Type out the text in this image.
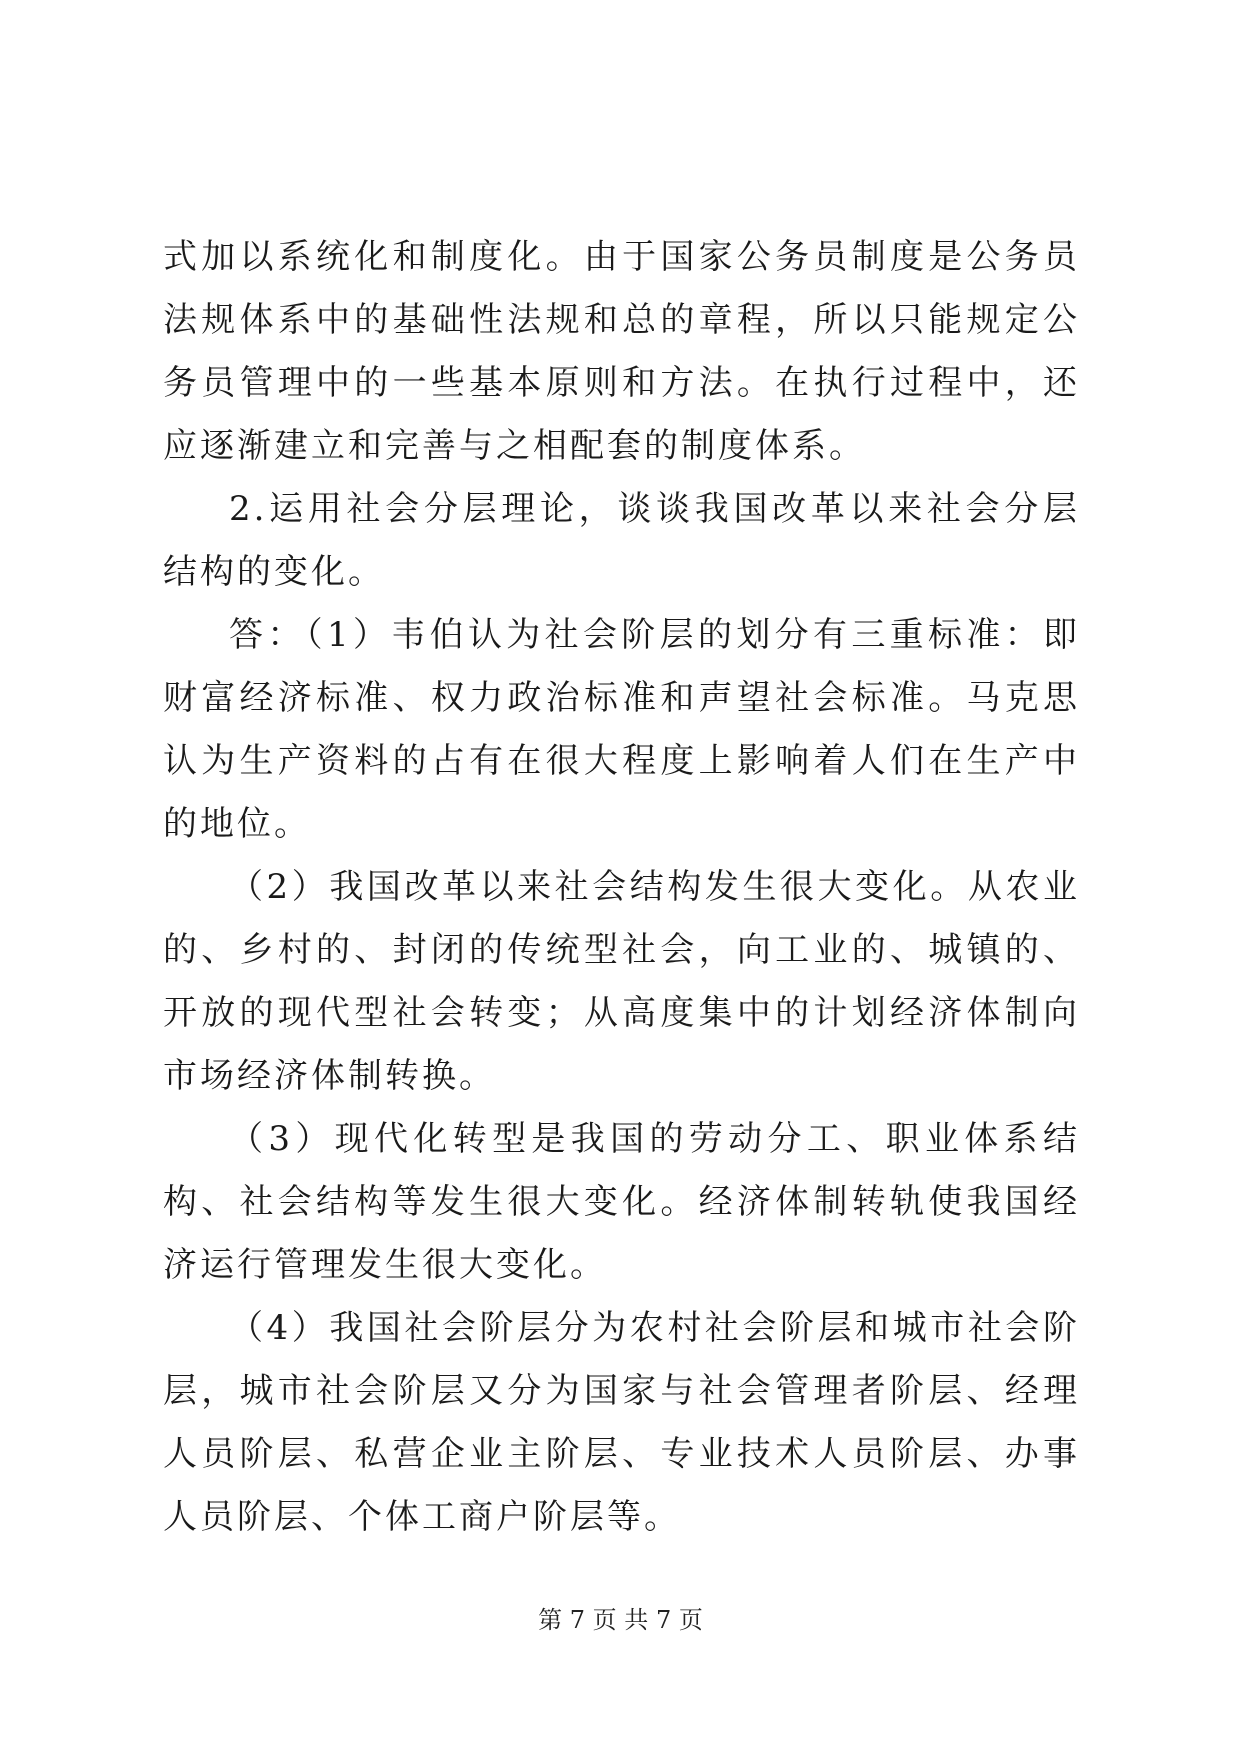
式加以系统化和制度化。由于国家公务员制度是公务员法规体系中的基础性法规和总的章程，所以只能规定公务员管理中的一些基本原则和方法。在执行过程中，还应逐渐建立和完善与之相配套的制度体系。

2.运用社会分层理论，谈谈我国改革以来社会分层结构的变化。

答：（1）韦伯认为社会阶层的划分有三重标准：即财富经济标准、权力政治标准和声望社会标准。马克思认为生产资料的占有在很大程度上影响着人们在生产中的地位。

（2）我国改革以来社会结构发生很大变化。从农业的、乡村的、封闭的传统型社会，向工业的、城镇的、开放的现代型社会转变；从高度集中的计划经济体制向市场经济体制转换。

（3）现代化转型是我国的劳动分工、职业体系结构、社会结构等发生很大变化。经济体制转轨使我国经济运行管理发生很大变化。

（4）我国社会阶层分为农村社会阶层和城市社会阶层，城市社会阶层又分为国家与社会管理者阶层、经理人员阶层、私营企业主阶层、专业技术人员阶层、办事人员阶层、个体工商户阶层等。

第 7 页 共 7 页
